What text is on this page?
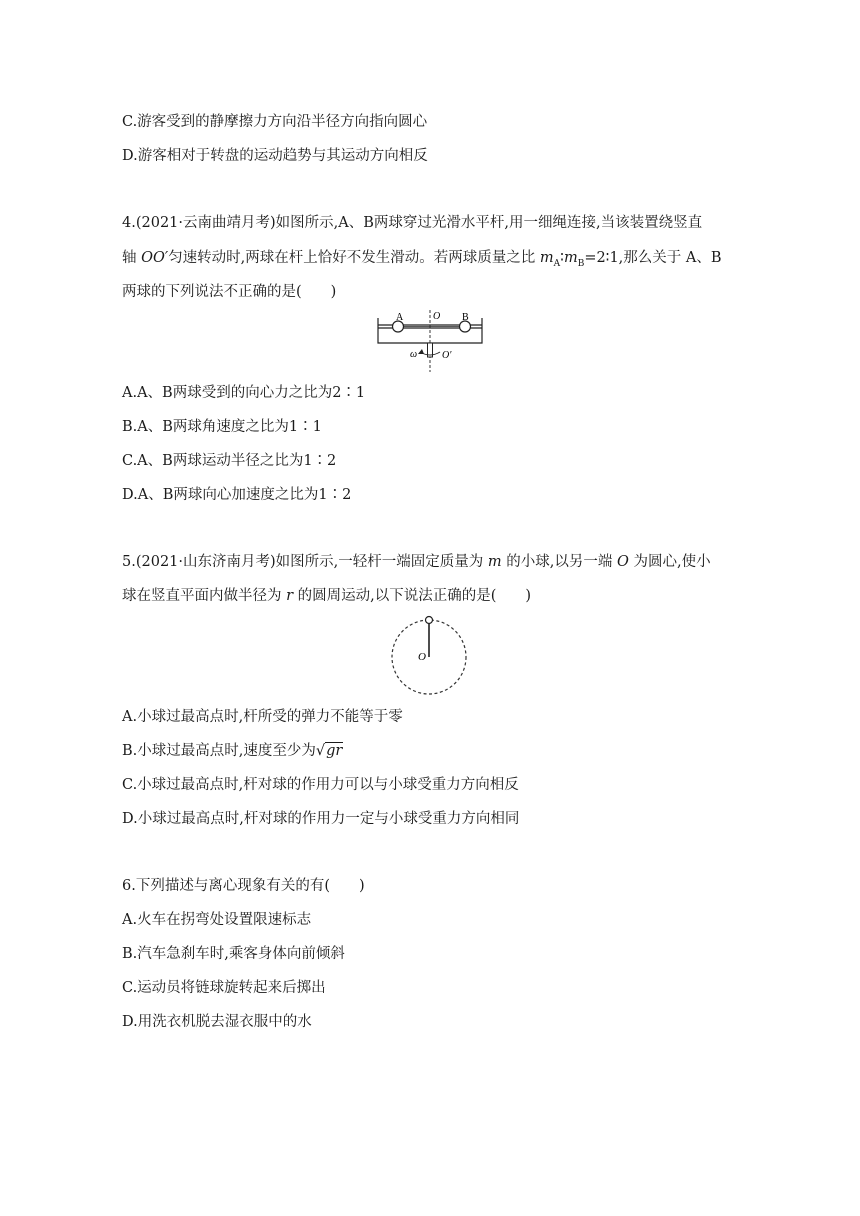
C.游客受到的静摩擦力方向沿半径方向指向圆心
D.游客相对于转盘的运动趋势与其运动方向相反
4.(2021·云南曲靖月考)如图所示,A、B两球穿过光滑水平杆,用一细绳连接,当该装置绕竖直
轴 OO′匀速转动时,两球在杆上恰好不发生滑动。若两球质量之比 $m_A∶m_B=2∶1$,那么关于 A、B
两球的下列说法不正确的是(　　)
A	O B
ω O′
A.A、B两球受到的向心力之比为2∶1
B.A、B两球角速度之比为1∶1
C.A、B两球运动半径之比为1∶2
D.A、B两球向心加速度之比为1∶2
5.(2021·山东济南月考)如图所示,一轻杆一端固定质量为 m 的小球,以另一端 O 为圆心,使小
球在竖直平面内做半径为 r 的圆周运动,以下说法正确的是(　　)
O
A.小球过最高点时,杆所受的弹力不能等于零
B.小球过最高点时,速度至少为√gr
C.小球过最高点时,杆对球的作用力可以与小球受重力方向相反
D.小球过最高点时,杆对球的作用力一定与小球受重力方向相同
6.下列描述与离心现象有关的有(　　)
A.火车在拐弯处设置限速标志
B.汽车急刹车时,乘客身体向前倾斜
C.运动员将链球旋转起来后掷出
D.用洗衣机脱去湿衣服中的水
